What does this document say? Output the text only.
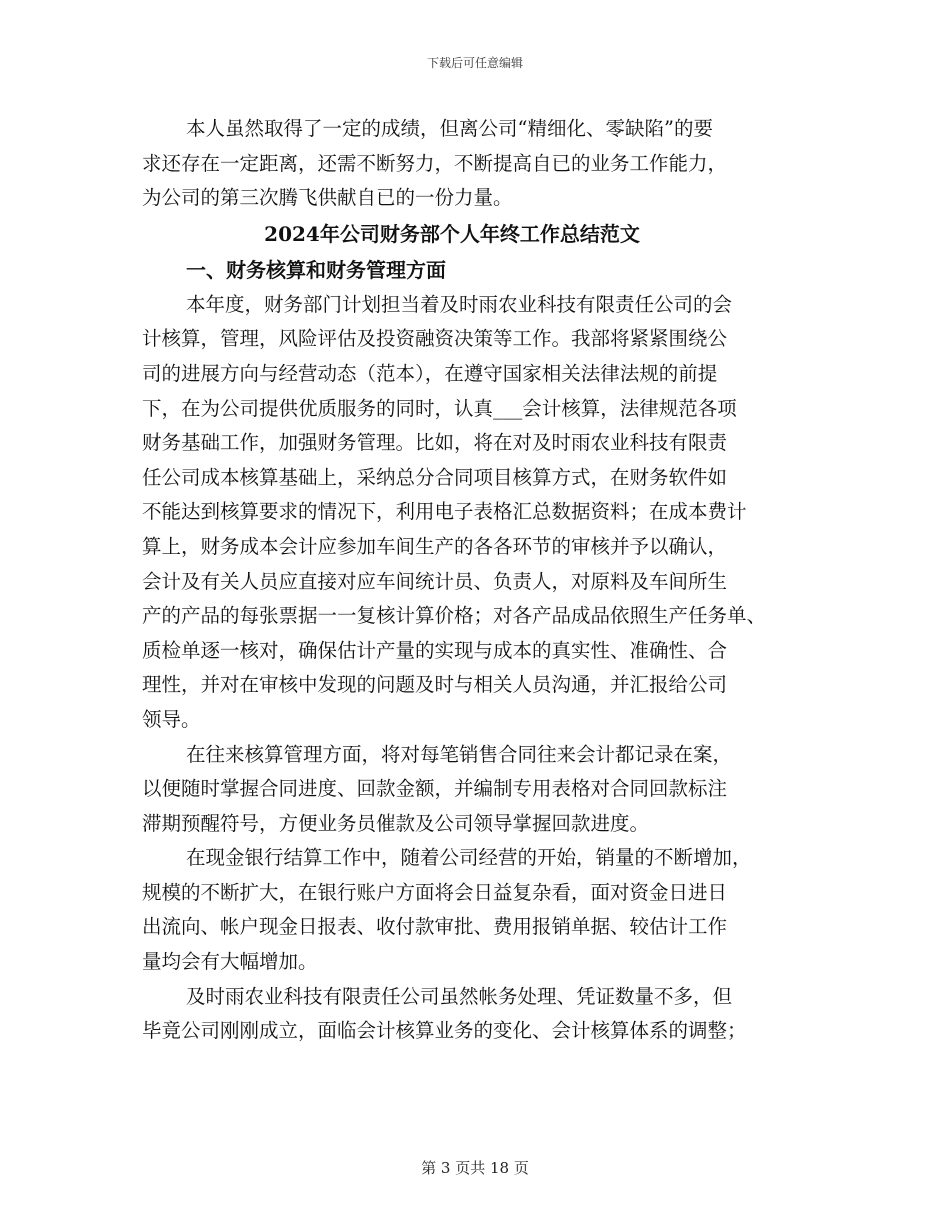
下载后可任意编辑
本人虽然取得了一定的成绩，但离公司“精细化、零缺陷”的要
求还存在一定距离，还需不断努力，不断提高自已的业务工作能力，
为公司的第三次腾飞供献自已的一份力量。
2024年公司财务部个人年终工作总结范文
一、财务核算和财务管理方面
本年度，财务部门计划担当着及时雨农业科技有限责任公司的会
计核算，管理，风险评估及投资融资决策等工作。我部将紧紧围绕公
司的进展方向与经营动态（范本），在遵守国家相关法律法规的前提
下，在为公司提供优质服务的同时，认真___会计核算，法律规范各项
财务基础工作，加强财务管理。比如，将在对及时雨农业科技有限责
任公司成本核算基础上，采纳总分合同项目核算方式，在财务软件如
不能达到核算要求的情况下，利用电子表格汇总数据资料；在成本费计
算上，财务成本会计应参加车间生产的各各环节的审核并予以确认，
会计及有关人员应直接对应车间统计员、负责人，对原料及车间所生
产的产品的每张票据一一复核计算价格；对各产品成品依照生产任务单、
质检单逐一核对，确保估计产量的实现与成本的真实性、准确性、合
理性，并对在审核中发现的问题及时与相关人员沟通，并汇报给公司
领导。
在往来核算管理方面，将对每笔销售合同往来会计都记录在案，
以便随时掌握合同进度、回款金额，并编制专用表格对合同回款标注
滞期预醒符号，方便业务员催款及公司领导掌握回款进度。
在现金银行结算工作中，随着公司经营的开始，销量的不断增加，
规模的不断扩大，在银行账户方面将会日益复杂看，面对资金日进日
出流向、帐户现金日报表、收付款审批、费用报销单据、较估计工作
量均会有大幅增加。
及时雨农业科技有限责任公司虽然帐务处理、凭证数量不多，但
毕竟公司刚刚成立，面临会计核算业务的变化、会计核算体系的调整；
第 3 页共 18 页
